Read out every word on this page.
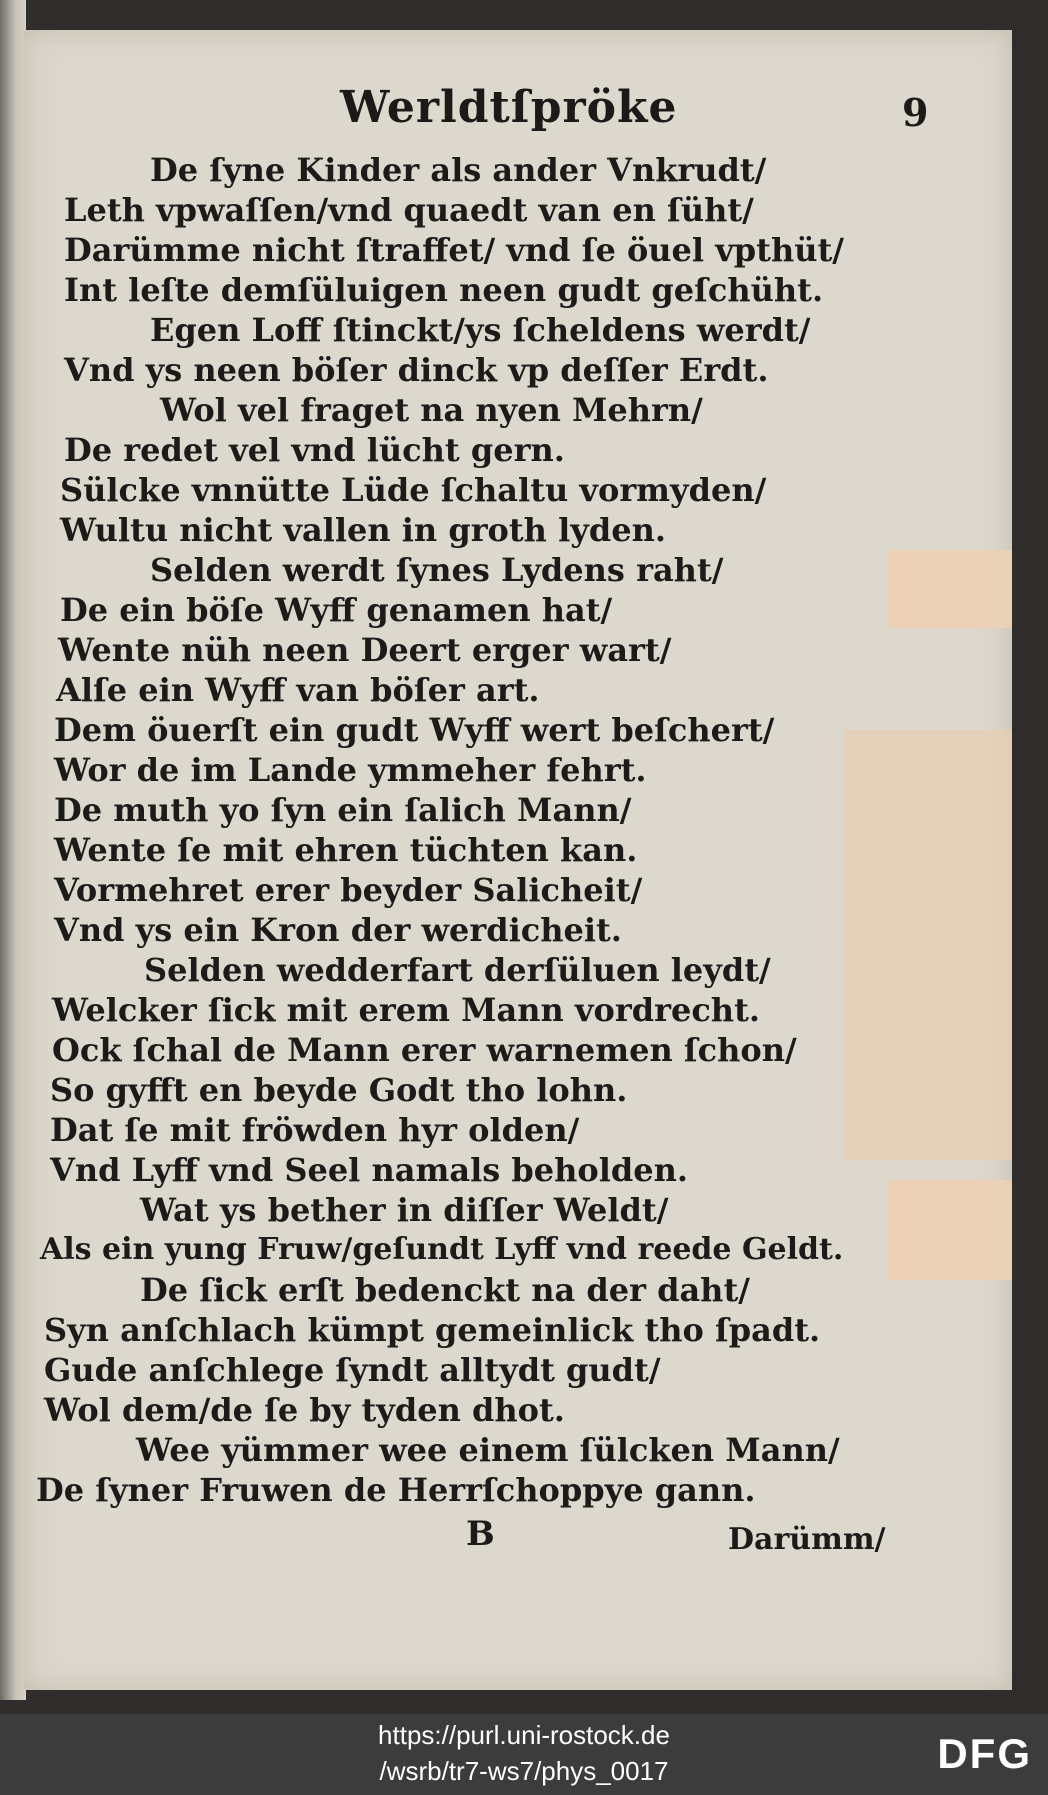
Werldtſpröke	9
De ſyne Kinder als ander Vnkrudt/
Leth vpwaſſen/vnd quaedt van en ſüht/
Darümme nicht ſtraffet/ vnd ſe öuel vpthüt/
Int leſte demſüluigen neen gudt geſchüht.
Egen Loff ſtinckt/ys ſcheldens werdt/
Vnd ys neen böſer dinck vp deſſer Erdt.
Wol vel fraget na nyen Mehrn/
De redet vel vnd lücht gern.
Sülcke vnnütte Lüde ſchaltu vormyden/
Wultu nicht vallen in groth lyden.
Selden werdt ſynes Lydens raht/
De ein böſe Wyff genamen hat/
Wente nüh neen Deert erger wart/
Alſe ein Wyff van böſer art.
Dem öuerſt ein gudt Wyff wert beſchert/
Wor de im Lande ymmeher fehrt.
De muth yo ſyn ein ſalich Mann/
Wente ſe mit ehren tüchten kan.
Vormehret erer beyder Salicheit/
Vnd ys ein Kron der werdicheit.
Selden wedderfart derſüluen leydt/
Welcker ſick mit erem Mann vordrecht.
Ock ſchal de Mann erer warnemen ſchon/
So gyfft en beyde Godt tho lohn.
Dat ſe mit fröwden hyr olden/
Vnd Lyff vnd Seel namals beholden.
Wat ys bether in diſſer Weldt/
Als ein yung Fruw/geſundt Lyff vnd reede Geldt.
De ſick erſt bedenckt na der daht/
Syn anſchlach kümpt gemeinlick tho ſpadt.
Gude anſchlege ſyndt alltydt gudt/
Wol dem/de ſe by tyden dhot.
Wee yümmer wee einem ſülcken Mann/
De ſyner Fruwen de Herrſchoppye gann.
B	Darümm/
https://purl.uni-rostock.de
/wsrb/tr7-ws7/phys_0017	DFG
